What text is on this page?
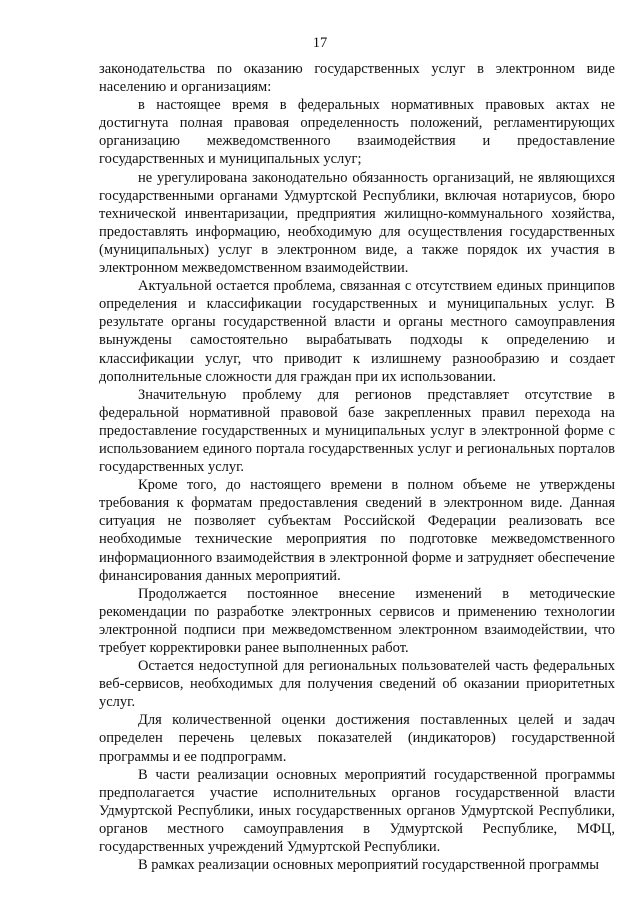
17

законодательства по оказанию государственных услуг в электронном виде населению и организациям:

в настоящее время в федеральных нормативных правовых актах не достигнута полная правовая определенность положений, регламентирующих организацию межведомственного взаимодействия и предоставление государственных и муниципальных услуг;

не урегулирована законодательно обязанность организаций, не являющихся государственными органами Удмуртской Республики, включая нотариусов, бюро технической инвентаризации, предприятия жилищно-коммунального хозяйства, предоставлять информацию, необходимую для осуществления государственных (муниципальных) услуг в электронном виде, а также порядок их участия в электронном межведомственном взаимодействии.

Актуальной остается проблема, связанная с отсутствием единых принципов определения и классификации государственных и муниципальных услуг. В результате органы государственной власти и органы местного самоуправления вынуждены самостоятельно вырабатывать подходы к определению и классификации услуг, что приводит к излишнему разнообразию и создает дополнительные сложности для граждан при их использовании.

Значительную проблему для регионов представляет отсутствие в федеральной нормативной правовой базе закрепленных правил перехода на предоставление государственных и муниципальных услуг в электронной форме с использованием единого портала государственных услуг и региональных порталов государственных услуг.

Кроме того, до настоящего времени в полном объеме не утверждены требования к форматам предоставления сведений в электронном виде. Данная ситуация не позволяет субъектам Российской Федерации реализовать все необходимые технические мероприятия по подготовке межведомственного информационного взаимодействия в электронной форме и затрудняет обеспечение финансирования данных мероприятий.

Продолжается постоянное внесение изменений в методические рекомендации по разработке электронных сервисов и применению технологии электронной подписи при межведомственном электронном взаимодействии, что требует корректировки ранее выполненных работ.

Остается недоступной для региональных пользователей часть федеральных веб-сервисов, необходимых для получения сведений об оказании приоритетных услуг.

Для количественной оценки достижения поставленных целей и задач определен перечень целевых показателей (индикаторов) государственной программы и ее подпрограмм.

В части реализации основных мероприятий государственной программы предполагается участие исполнительных органов государственной власти Удмуртской Республики, иных государственных органов Удмуртской Республики, органов местного самоуправления в Удмуртской Республике, МФЦ, государственных учреждений Удмуртской Республики.

В рамках реализации основных мероприятий государственной программы
